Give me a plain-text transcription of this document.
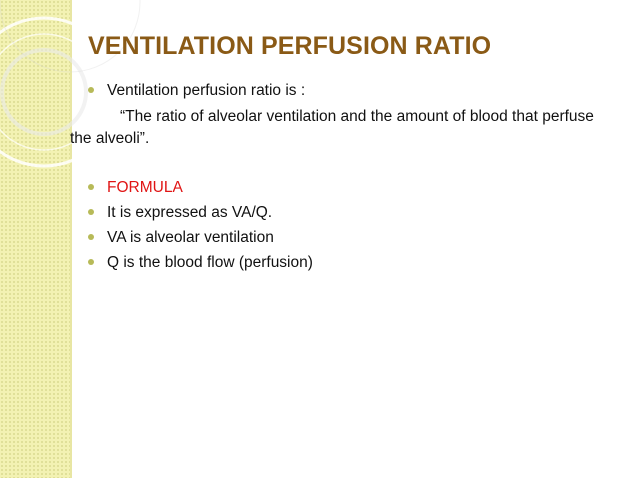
VENTILATION PERFUSION RATIO
Ventilation perfusion ratio is :
“The ratio of alveolar ventilation and the amount of blood that perfuse
the alveoli”.
FORMULA
It is expressed as VA/Q.
VA is alveolar ventilation
Q is the blood flow (perfusion)
